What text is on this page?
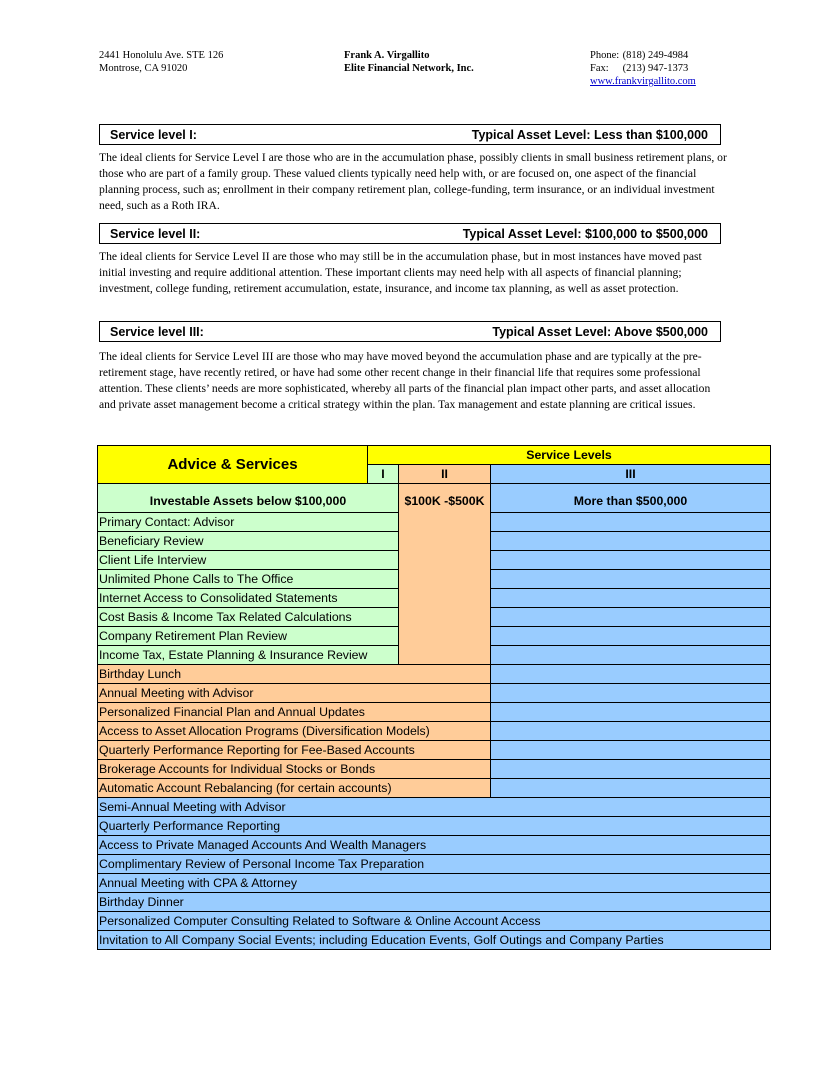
2441 Honolulu Ave. STE 126
Montrose, CA 91020
Frank A. Virgallito
Elite Financial Network, Inc.
Phone: (818) 249-4984
Fax: (213) 947-1373
www.frankvirgallito.com
Service level I:	Typical Asset Level: Less than $100,000

The ideal clients for Service Level I are those who are in the accumulation phase, possibly clients in small business retirement plans, or those who are part of a family group. These valued clients typically need help with, or are focused on, one aspect of the financial planning process, such as; enrollment in their company retirement plan, college-funding, term insurance, or an individual investment need, such as a Roth IRA.

Service level II:	Typical Asset Level: $100,000 to $500,000

The ideal clients for Service Level II are those who may still be in the accumulation phase, but in most instances have moved past initial investing and require additional attention. These important clients may need help with all aspects of financial planning; investment, college funding, retirement accumulation, estate, insurance, and income tax planning, as well as asset protection.

Service level III:	Typical Asset Level: Above $500,000

The ideal clients for Service Level III are those who may have moved beyond the accumulation phase and are typically at the pre-retirement stage, have recently retired, or have had some other recent change in their financial life that requires some professional attention. These clients’ needs are more sophisticated, whereby all parts of the financial plan impact other parts, and asset allocation and private asset management become a critical strategy within the plan. Tax management and estate planning are critical issues.

Advice & Services	Service Levels		
	I	II	III
Investable Assets below $100,000		$100K -$500K	More than $500,000
Primary Contact: Advisor			
Beneficiary Review			
Client Life Interview			
Unlimited Phone Calls to The Office			
Internet Access to Consolidated Statements			
Cost Basis & Income Tax Related Calculations			
Company Retirement Plan Review			
Income Tax, Estate Planning & Insurance Review			
Birthday Lunch			
Annual Meeting with Advisor			
Personalized Financial Plan and Annual Updates			
Access to Asset Allocation Programs (Diversification Models)			
Quarterly Performance Reporting for Fee-Based Accounts			
Brokerage Accounts for Individual Stocks or Bonds			
Automatic Account Rebalancing (for certain accounts)			
Semi-Annual Meeting with Advisor			
Quarterly Performance Reporting			
Access to Private Managed Accounts And Wealth Managers			
Complimentary Review of Personal Income Tax Preparation			
Annual Meeting with CPA & Attorney			
Birthday Dinner			
Personalized Computer Consulting Related to Software & Online Account Access			
Invitation to All Company Social Events; including Education Events, Golf Outings and Company Parties			
